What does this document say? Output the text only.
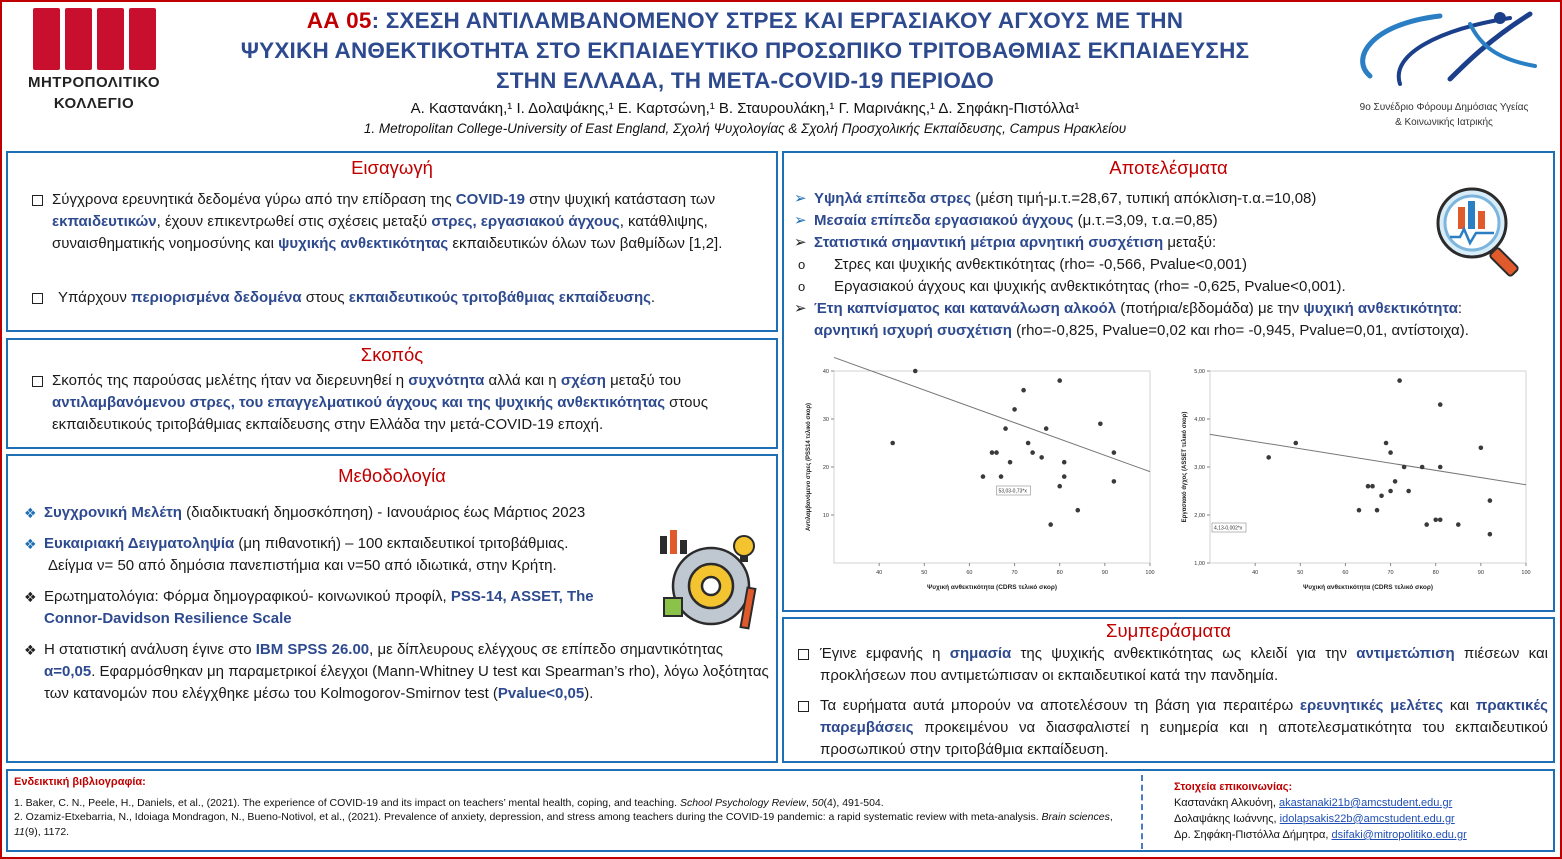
ΜΗΤΡΟΠΟΛΙΤΙΚΟ
ΚΟΛΛΕΓΙΟ
ΑΑ 05: ΣΧΕΣΗ ΑΝΤΙΛΑΜΒΑΝΟΜΕΝΟΥ ΣΤΡΕΣ ΚΑΙ ΕΡΓΑΣΙΑΚΟΥ ΑΓΧΟΥΣ ΜΕ ΤΗΝ
ΨΥΧΙΚΗ ΑΝΘΕΚΤΙΚΟΤΗΤΑ ΣΤΟ ΕΚΠΑΙΔΕΥΤΙΚΟ ΠΡΟΣΩΠΙΚΟ ΤΡΙΤΟΒΑΘΜΙΑΣ ΕΚΠΑΙΔΕΥΣΗΣ
ΣΤΗΝ ΕΛΛΑΔΑ, ΤΗ ΜΕΤΑ-COVID-19 ΠΕΡΙΟΔΟ
Α. Καστανάκη,¹ Ι. Δολαψάκης,¹ Ε. Καρτσώνη,¹ Β. Σταυρουλάκη,¹ Γ. Μαρινάκης,¹ Δ. Σηφάκη-Πιστόλλα¹
1. Metropolitan College-University of East England, Σχολή Ψυχολογίας & Σχολή Προσχολικής Εκπαίδευσης, Campus Ηρακλείου
9ο Συνέδριο Φόρουμ Δημόσιας Υγείας
& Κοινωνικής Ιατρικής
Εισαγωγή
Σύγχρονα ερευνητικά δεδομένα γύρω από την επίδραση της COVID-19 στην ψυχική κατάσταση των εκπαιδευτικών, έχουν επικεντρωθεί στις σχέσεις μεταξύ στρες, εργασιακού άγχους, κατάθλιψης, συναισθηματικής νοημοσύνης και ψυχικής ανθεκτικότητας εκπαιδευτικών όλων των βαθμίδων [1,2].
Υπάρχουν περιορισμένα δεδομένα στους εκπαιδευτικούς τριτοβάθμιας εκπαίδευσης.
Σκοπός
Σκοπός της παρούσας μελέτης ήταν να διερευνηθεί η συχνότητα αλλά και η σχέση μεταξύ του αντιλαμβανόμενου στρες, του επαγγελματικού άγχους και της ψυχικής ανθεκτικότητας στους εκπαιδευτικούς τριτοβάθμιας εκπαίδευσης στην Ελλάδα την μετά-COVID-19 εποχή.
Μεθοδολογία
❖ Συγχρονική Μελέτη (διαδικτυακή δημοσκόπηση) - Ιανουάριος έως Μάρτιος 2023
❖ Ευκαιριακή Δειγματοληψία (μη πιθανοτική) – 100 εκπαιδευτικοί τριτοβάθμιας.
Δείγμα ν= 50 από δημόσια πανεπιστήμια και ν=50 από ιδιωτικά, στην Κρήτη.
❖ Ερωτηματολόγια: Φόρμα δημογραφικού- κοινωνικού προφίλ, PSS-14, ASSET, The Connor-Davidson Resilience Scale
❖ Η στατιστική ανάλυση έγινε στο IBM SPSS 26.00, με δίπλευρους ελέγχους σε επίπεδο σημαντικότητας α=0,05. Εφαρμόσθηκαν μη παραμετρικοί έλεγχοι (Mann-Whitney U test και Spearman’s rho), λόγω λοξότητας των κατανομών που ελέγχθηκε μέσω του Kolmogorov-Smirnov test (Pvalue<0,05).
Αποτελέσματα
➢ Υψηλά επίπεδα στρες (μέση τιμή-μ.τ.=28,67, τυπική απόκλιση-τ.α.=10,08)
➢ Μεσαία επίπεδα εργασιακού άγχους (μ.τ.=3,09, τ.α.=0,85)
➢ Στατιστικά σημαντική μέτρια αρνητική συσχέτιση μεταξύ:
o Στρες και ψυχικής ανθεκτικότητας (rho= -0,566, Pvalue<0,001)
o Εργασιακού άγχους και ψυχικής ανθεκτικότητας (rho= -0,625, Pvalue<0,001).
➢ Έτη καπνίσματος και κατανάλωση αλκοόλ (ποτήρια/εβδομάδα) με την ψυχική ανθεκτικότητα:
αρνητική ισχυρή συσχέτιση (rho=-0,825, Pvalue=0,02 και rho= -0,945, Pvalue=0,01, αντίστοιχα).
40	50	60	70	80	90	100
10
20
30
40
Ψυχική ανθεκτικότητα (CDRS τελικό σκορ)
Αντιλαμβανόμενο στρες (PSS14 τελικό σκορ)	53,03-0,73*x
40	50	60	70	80	90	100
1,00
2,00
3,00
4,00
5,00
Ψυχική ανθεκτικότητα (CDRS τελικό σκορ)
Εργασιακό άγχος (ASSET τελικό σκορ)
4,13-0,002*x
Συμπεράσματα
Έγινε εμφανής η σημασία της ψυχικής ανθεκτικότητας ως κλειδί για την αντιμετώπιση πιέσεων και προκλήσεων που αντιμετώπισαν οι εκπαιδευτικοί κατά την πανδημία.
Τα ευρήματα αυτά μπορούν να αποτελέσουν τη βάση για περαιτέρω ερευνητικές μελέτες και πρακτικές παρεμβάσεις προκειμένου να διασφαλιστεί η ευημερία και η αποτελεσματικότητα του εκπαιδευτικού προσωπικού στην τριτοβάθμια εκπαίδευση.
Ενδεικτική βιβλιογραφία:
1. Baker, C. N., Peele, H., Daniels, et al., (2021). The experience of COVID-19 and its impact on teachers’ mental health, coping, and teaching. School Psychology Review, 50(4), 491-504.
2. Ozamiz-Etxebarria, N., Idoiaga Mondragon, N., Bueno-Notivol, et al., (2021). Prevalence of anxiety, depression, and stress among teachers during the COVID-19 pandemic: a rapid systematic review with meta-analysis. Brain sciences, 11(9), 1172.
Στοιχεία επικοινωνίας:
Καστανάκη Αλκυόνη, akastanaki21b@amcstudent.edu.gr
Δολαψάκης Ιωάννης, idolapsakis22b@amcstudent.edu.gr
Δρ. Σηφάκη-Πιστόλλα Δήμητρα, dsifaki@mitropolitiko.edu.gr
